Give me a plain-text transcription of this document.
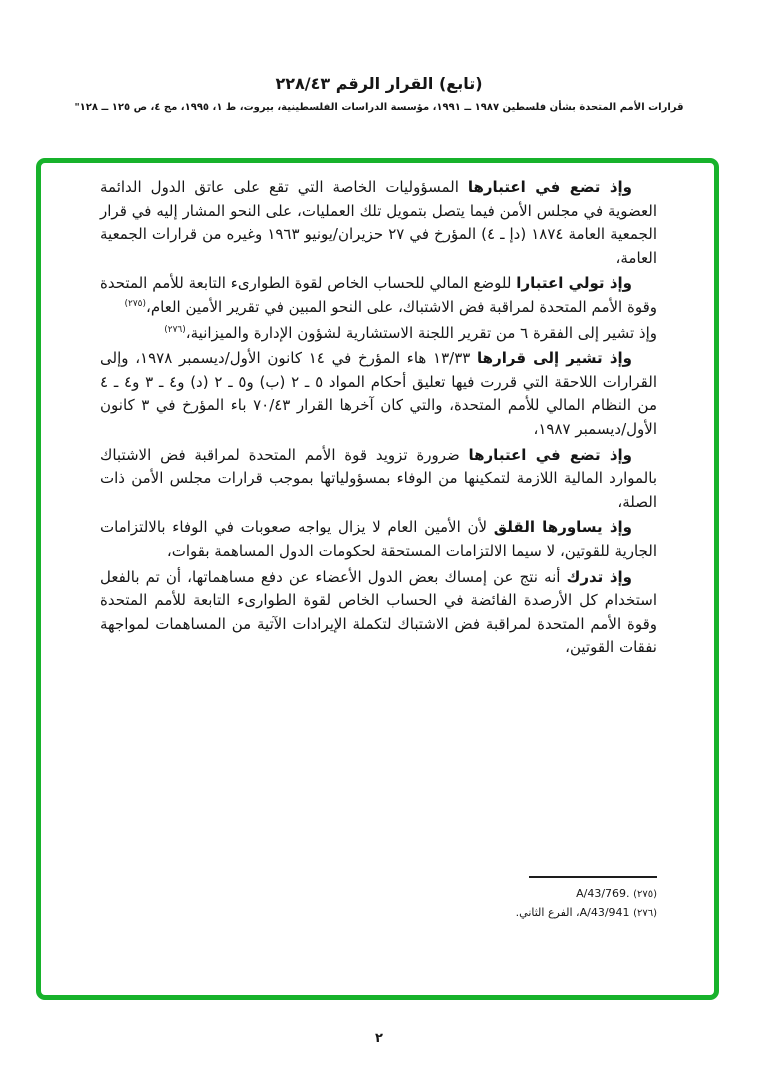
(تابع) القرار الرقم ٢٢٨/٤٣
قرارات الأمم المتحدة بشأن فلسطين ١٩٨٧ ــ ١٩٩١، مؤسسة الدراسات الفلسطينية، بيروت، ط ١، ١٩٩٥، مج ٤، ص ١٢٥ ــ ١٢٨"

وإذ تضع في اعتبارها المسؤوليات الخاصة التي تقع على عاتق الدول الدائمة العضوية في مجلس الأمن فيما يتصل بتمويل تلك العمليات، على النحو المشار إليه في قرار الجمعية العامة ١٨٧٤ (دإ ـ ٤) المؤرخ في ٢٧ حزيران/يونيو ١٩٦٣ وغيره من قرارات الجمعية العامة،

وإذ تولي اعتبارا للوضع المالي للحساب الخاص لقوة الطوارىء التابعة للأمم المتحدة وقوة الأمم المتحدة لمراقبة فض الاشتباك، على النحو المبين في تقرير الأمين العام،$^{(٢٧٥)}$

وإذ تشير إلى الفقرة ٦ من تقرير اللجنة الاستشارية لشؤون الإدارة والميزانية،$^{(٢٧٦)}$

وإذ تشير إلى قرارها ١٣/٣٣ هاء المؤرخ في ١٤ كانون الأول/ديسمبر ١٩٧٨، وإلى القرارات اللاحقة التي قررت فيها تعليق أحكام المواد ٥ ـ ٢ (ب) و٥ ـ ٢ (د) و٤ ـ ٣ و٤ ـ ٤ من النظام المالي للأمم المتحدة، والتي كان آخرها القرار ٧٠/٤٣ باء المؤرخ في ٣ كانون الأول/ديسمبر ١٩٨٧،

وإذ تضع في اعتبارها ضرورة تزويد قوة الأمم المتحدة لمراقبة فض الاشتباك بالموارد المالية اللازمة لتمكينها من الوفاء بمسؤولياتها بموجب قرارات مجلس الأمن ذات الصلة،

وإذ يساورها القلق لأن الأمين العام لا يزال يواجه صعوبات في الوفاء بالالتزامات الجارية للقوتين، لا سيما الالتزامات المستحقة لحكومات الدول المساهمة بقوات،

وإذ تدرك أنه نتج عن إمساك بعض الدول الأعضاء عن دفع مساهماتها، أن تم بالفعل استخدام كل الأرصدة الفائضة في الحساب الخاص لقوة الطوارىء التابعة للأمم المتحدة وقوة الأمم المتحدة لمراقبة فض الاشتباك لتكملة الإيرادات الآتية من المساهمات لمواجهة نفقات القوتين،

(٢٧٥) A/43/769.
(٢٧٦) A/43/941، الفرع الثاني.
٢
